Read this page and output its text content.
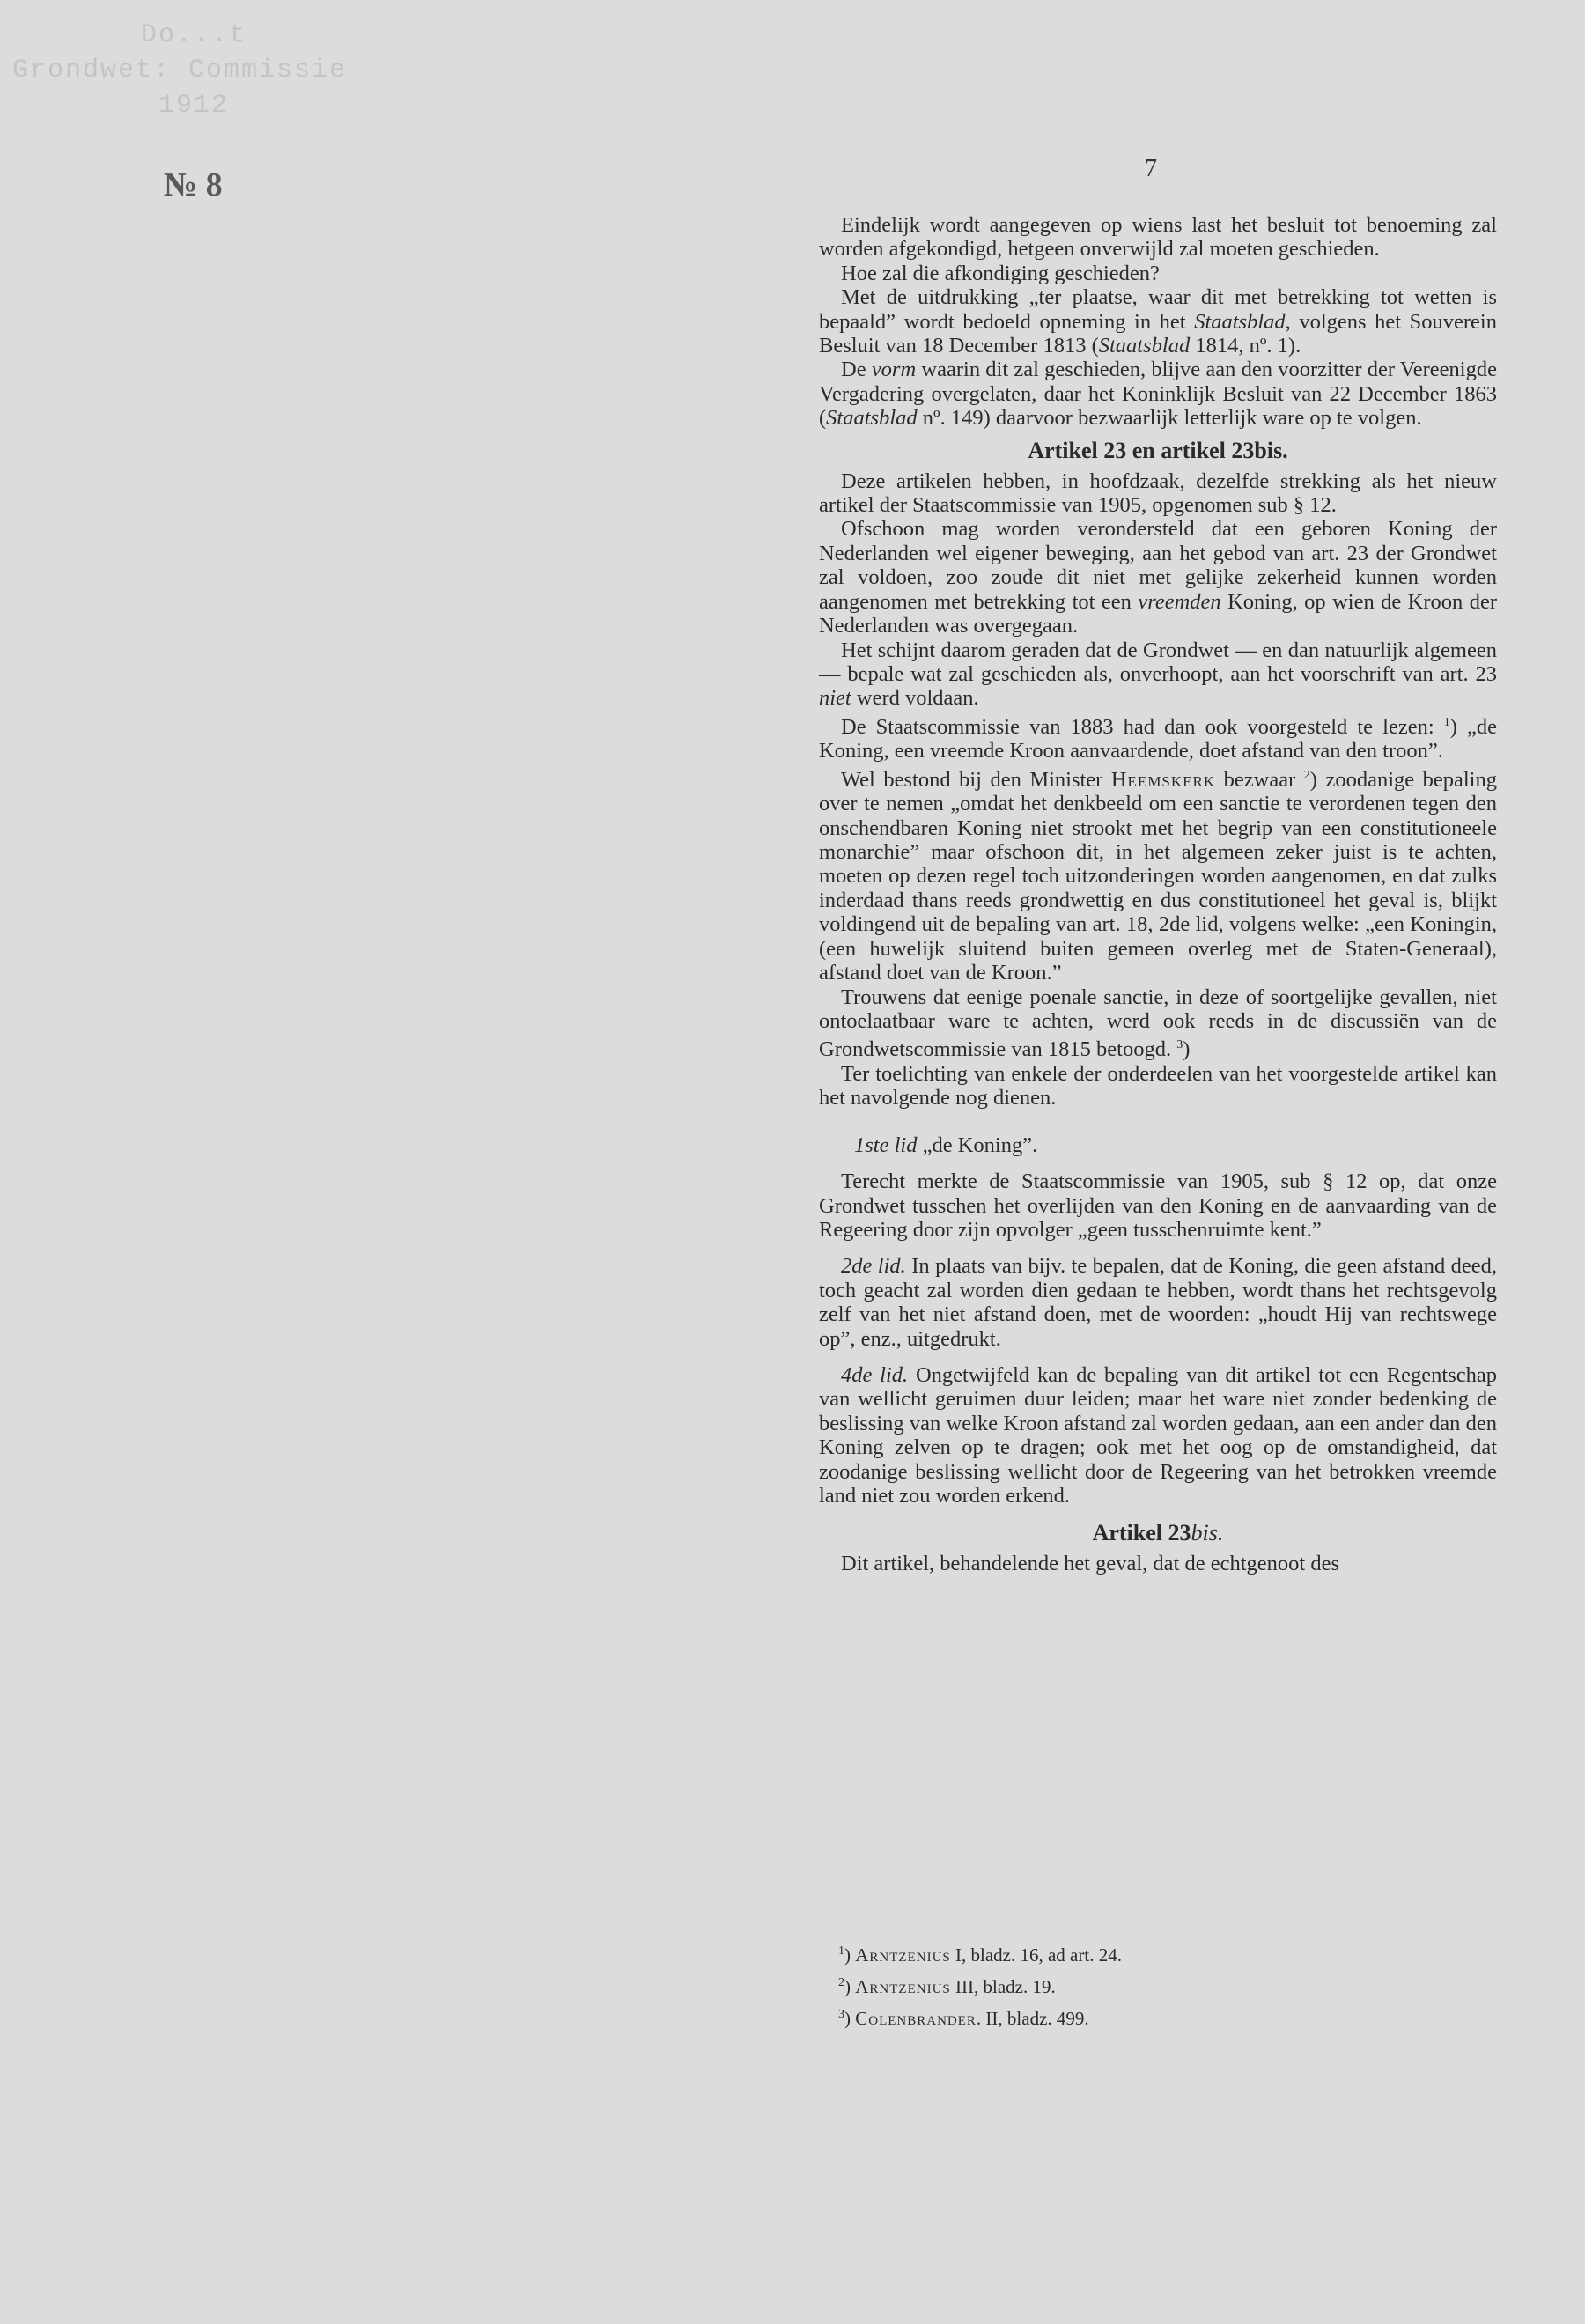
Do...t
Grondwet: Commissie
1912
№ 8	7

Eindelijk wordt aangegeven op wiens last het besluit tot benoeming zal worden afgekondigd, hetgeen onverwijld zal moeten geschieden.

Hoe zal die afkondiging geschieden?

Met de uitdrukking „ter plaatse, waar dit met betrekking tot wetten is bepaald” wordt bedoeld opneming in het Staatsblad, volgens het Souverein Besluit van 18 December 1813 (Staatsblad 1814, nº. 1).

De vorm waarin dit zal geschieden, blijve aan den voorzitter der Vereenigde Vergadering overgelaten, daar het Koninklijk Besluit van 22 December 1863 (Staatsblad nº. 149) daarvoor bezwaarlijk letterlijk ware op te volgen.

Artikel 23 en artikel 23bis.

Deze artikelen hebben, in hoofdzaak, dezelfde strekking als het nieuw artikel der Staatscommissie van 1905, opgenomen sub § 12.

Ofschoon mag worden verondersteld dat een geboren Koning der Nederlanden wel eigener beweging, aan het gebod van art. 23 der Grondwet zal voldoen, zoo zoude dit niet met gelijke zekerheid kunnen worden aangenomen met betrekking tot een vreemden Koning, op wien de Kroon der Nederlanden was overgegaan.

Het schijnt daarom geraden dat de Grondwet — en dan natuurlijk algemeen — bepale wat zal geschieden als, onverhoopt, aan het voorschrift van art. 23 niet werd voldaan.

De Staatscommissie van 1883 had dan ook voorgesteld te lezen: $^1$) „de Koning, een vreemde Kroon aanvaardende, doet afstand van den troon”.

Wel bestond bij den Minister Heemskerk bezwaar $^2$) zoodanige bepaling over te nemen „omdat het denkbeeld om een sanctie te verordenen tegen den onschendbaren Koning niet strookt met het begrip van een constitutioneele monarchie” maar ofschoon dit, in het algemeen zeker juist is te achten, moeten op dezen regel toch uitzonderingen worden aangenomen, en dat zulks inderdaad thans reeds grondwettig en dus constitutioneel het geval is, blijkt voldingend uit de bepaling van art. 18, 2de lid, volgens welke: „een Koningin, (een huwelijk sluitend buiten gemeen overleg met de Staten-Generaal), afstand doet van de Kroon.”

Trouwens dat eenige poenale sanctie, in deze of soortgelijke gevallen, niet ontoelaatbaar ware te achten, werd ook reeds in de discussiën van de Grondwetscommissie van 1815 betoogd. $^3$)

Ter toelichting van enkele der onderdeelen van het voorgestelde artikel kan het navolgende nog dienen.

1ste lid „de Koning”.

Terecht merkte de Staatscommissie van 1905, sub § 12 op, dat onze Grondwet tusschen het overlijden van den Koning en de aanvaarding van de Regeering door zijn opvolger „geen tusschenruimte kent.”

2de lid. In plaats van bijv. te bepalen, dat de Koning, die geen afstand deed, toch geacht zal worden dien gedaan te hebben, wordt thans het rechtsgevolg zelf van het niet afstand doen, met de woorden: „houdt Hij van rechtswege op”, enz., uitgedrukt.

4de lid. Ongetwijfeld kan de bepaling van dit artikel tot een Regentschap van wellicht geruimen duur leiden; maar het ware niet zonder bedenking de beslissing van welke Kroon afstand zal worden gedaan, aan een ander dan den Koning zelven op te dragen; ook met het oog op de omstandigheid, dat zoodanige beslissing wellicht door de Regeering van het betrokken vreemde land niet zou worden erkend.

Artikel 23bis.

Dit artikel, behandelende het geval, dat de echtgenoot des

$^1$) Arntzenius I, bladz. 16, ad art. 24.
$^2$) Arntzenius III, bladz. 19.
$^3$) Colenbrander. II, bladz. 499.
